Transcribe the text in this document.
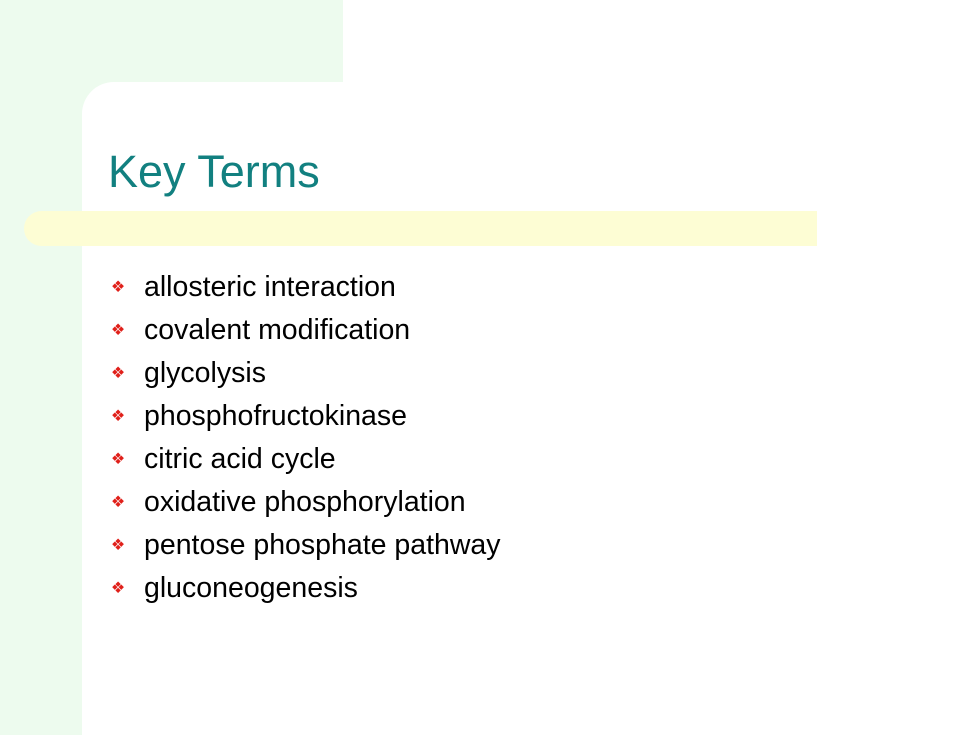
Key Terms
❖ allosteric interaction
❖ covalent modification
❖ glycolysis
❖ phosphofructokinase
❖ citric acid cycle
❖ oxidative phosphorylation
❖ pentose phosphate pathway
❖ gluconeogenesis
